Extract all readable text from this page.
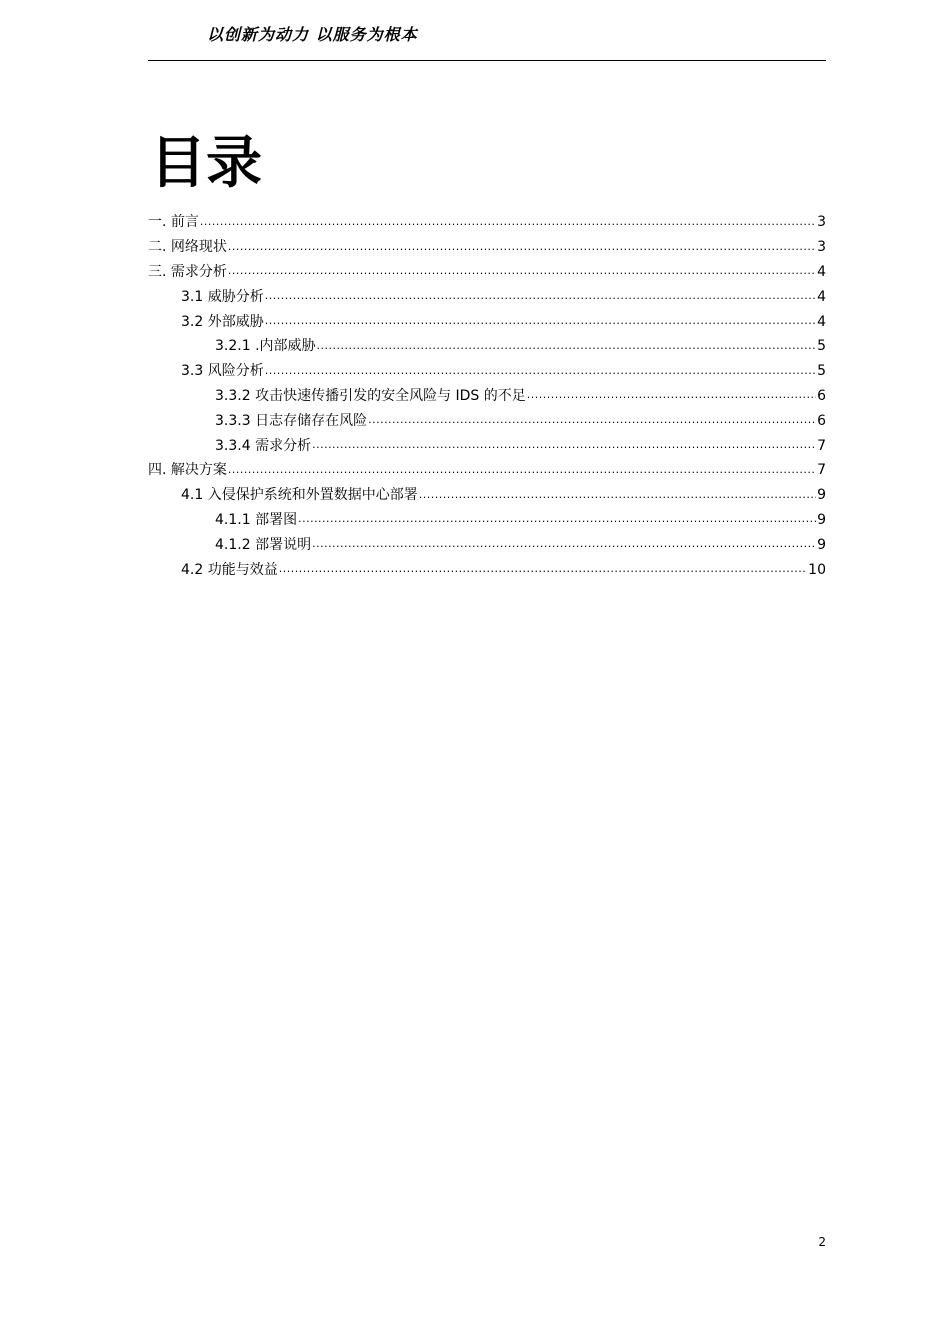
以创新为动力 以服务为根本
目录
一. 前言 .....	3
二. 网络现状 .....	3
三. 需求分析 .....	4
3.1 威胁分析 .....	4
3.2 外部威胁 .....	4
3.2.1 .内部威胁 .....	5
3.3 风险分析 .....	5
3.3.2 攻击快速传播引发的安全风险与 IDS 的不足 .....	6
3.3.3 日志存储存在风险 .....	6
3.3.4 需求分析 .....	7
四. 解决方案 .....	7
4.1 入侵保护系统和外置数据中心部署 .....	9
4.1.1 部署图 .....	9
4.1.2 部署说明 .....	9
4.2 功能与效益 .....	10
2
